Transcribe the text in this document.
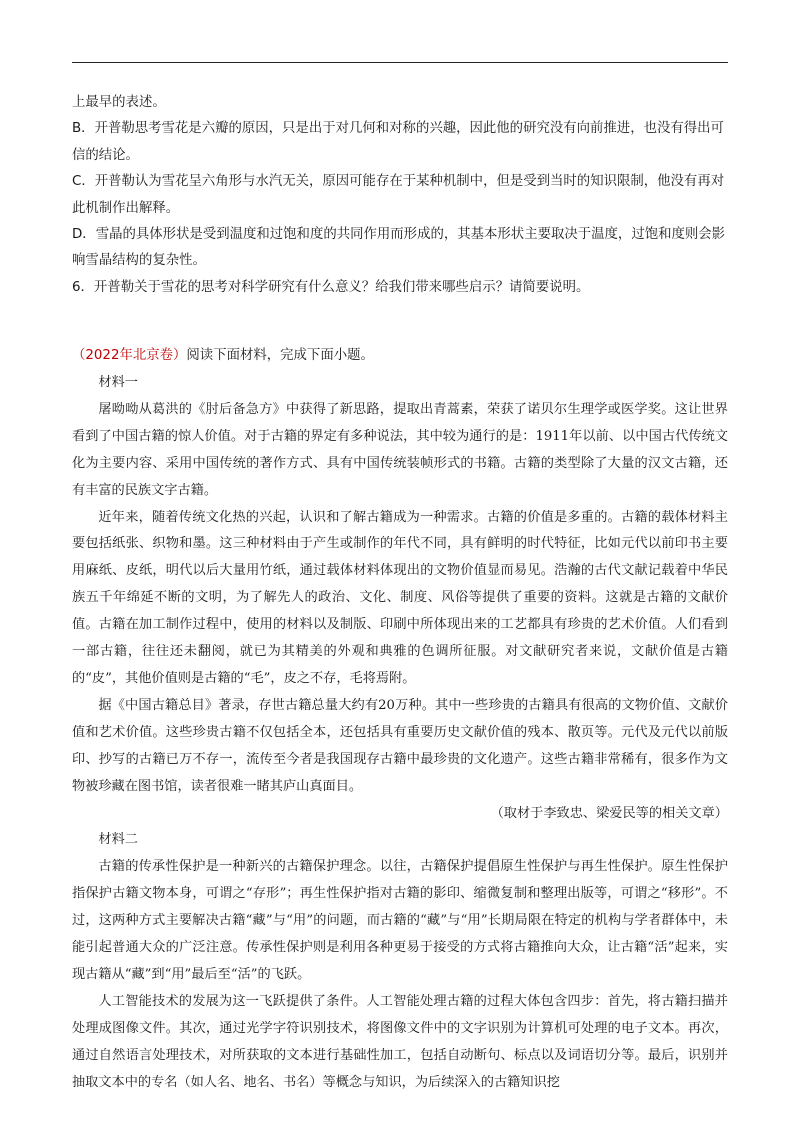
上最早的表述。

B．开普勒思考雪花是六瓣的原因，只是出于对几何和对称的兴趣，因此他的研究没有向前推进，也没有得出可信的结论。

C．开普勒认为雪花呈六角形与水汽无关，原因可能存在于某种机制中，但是受到当时的知识限制，他没有再对此机制作出解释。

D．雪晶的具体形状是受到温度和过饱和度的共同作用而形成的，其基本形状主要取决于温度，过饱和度则会影响雪晶结构的复杂性。

6．开普勒关于雪花的思考对科学研究有什么意义？给我们带来哪些启示？请简要说明。

（2022年北京卷）阅读下面材料，完成下面小题。

材料一

屠呦呦从葛洪的《肘后备急方》中获得了新思路，提取出青蒿素，荣获了诺贝尔生理学或医学奖。这让世界看到了中国古籍的惊人价值。对于古籍的界定有多种说法，其中较为通行的是：1911年以前、以中国古代传统文化为主要内容、采用中国传统的著作方式、具有中国传统装帧形式的书籍。古籍的类型除了大量的汉文古籍，还有丰富的民族文字古籍。

近年来，随着传统文化热的兴起，认识和了解古籍成为一种需求。古籍的价值是多重的。古籍的载体材料主要包括纸张、织物和墨。这三种材料由于产生或制作的年代不同，具有鲜明的时代特征，比如元代以前印书主要用麻纸、皮纸，明代以后大量用竹纸，通过载体材料体现出的文物价值显而易见。浩瀚的古代文献记载着中华民族五千年绵延不断的文明，为了解先人的政治、文化、制度、风俗等提供了重要的资料。这就是古籍的文献价值。古籍在加工制作过程中，使用的材料以及制版、印刷中所体现出来的工艺都具有珍贵的艺术价值。人们看到一部古籍，往往还未翻阅，就已为其精美的外观和典雅的色调所征服。对文献研究者来说，文献价值是古籍的“皮”，其他价值则是古籍的“毛”，皮之不存，毛将焉附。

据《中国古籍总目》著录，存世古籍总量大约有20万种。其中一些珍贵的古籍具有很高的文物价值、文献价值和艺术价值。这些珍贵古籍不仅包括全本，还包括具有重要历史文献价值的残本、散页等。元代及元代以前版印、抄写的古籍已万不存一，流传至今者是我国现存古籍中最珍贵的文化遗产。这些古籍非常稀有，很多作为文物被珍藏在图书馆，读者很难一睹其庐山真面目。

（取材于李致忠、梁爱民等的相关文章）

材料二

古籍的传承性保护是一种新兴的古籍保护理念。以往，古籍保护提倡原生性保护与再生性保护。原生性保护指保护古籍文物本身，可谓之“存形”；再生性保护指对古籍的影印、缩微复制和整理出版等，可谓之“移形”。不过，这两种方式主要解决古籍“藏”与“用”的问题，而古籍的“藏”与“用”长期局限在特定的机构与学者群体中，未能引起普通大众的广泛注意。传承性保护则是利用各种更易于接受的方式将古籍推向大众，让古籍“活”起来，实现古籍从“藏”到“用”最后至“活”的飞跃。

人工智能技术的发展为这一飞跃提供了条件。人工智能处理古籍的过程大体包含四步：首先，将古籍扫描并处理成图像文件。其次，通过光学字符识别技术，将图像文件中的文字识别为计算机可处理的电子文本。再次，通过自然语言处理技术，对所获取的文本进行基础性加工，包括自动断句、标点以及词语切分等。最后，识别并抽取文本中的专名（如人名、地名、书名）等概念与知识，为后续深入的古籍知识挖
